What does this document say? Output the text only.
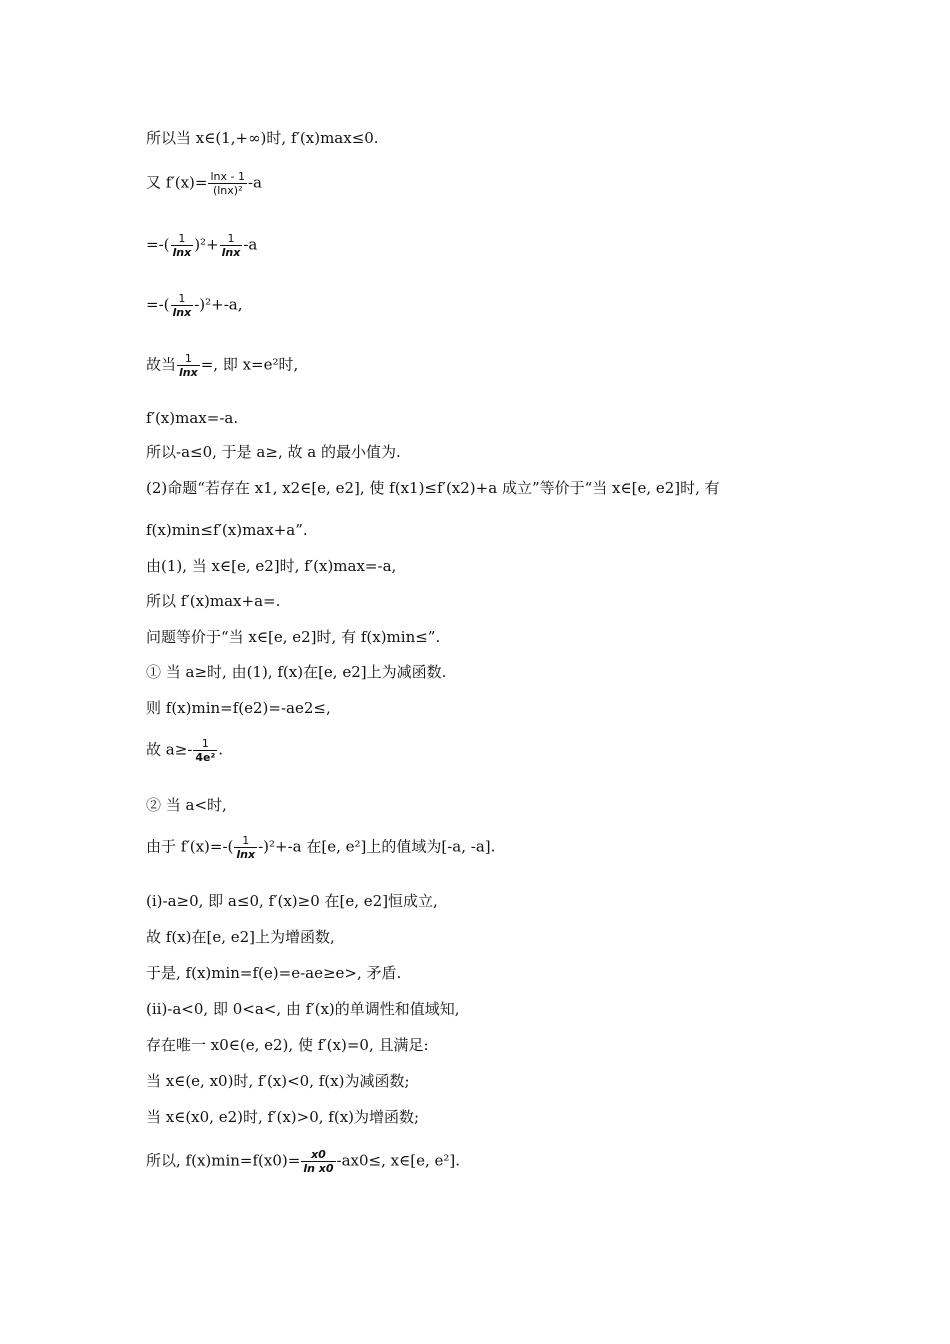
所以当 x∈(1,+∞)时, f′(x)max≤0.
又 $f'(x)= \frac{\ln x - 1}{\text{(lnx)²}} -a$
=-( $\frac{1}{\ln x} )^2+ \frac{1}{\ln x} -a$
=-( $\frac{1}{\ln x} -)^2+-a$,
故当 $\frac{1}{\ln x}$ =, 即 x=e²时,
f′(x)max=-a.
所以-a≤0, 于是 a≥, 故 a 的最小值为.
(2)命题“若存在 x1, x2∈[e, e2], 使 f(x1)≤f′(x2)+a 成立”等价于“当 x∈[e, e2]时, 有
f(x)min≤f′(x)max+a”.
由(1), 当 x∈[e, e2]时, f′(x)max=-a,
所以 f′(x)max+a=.
问题等价于“当 x∈[e, e2]时, 有 f(x)min≤”.
① 当 a≥时, 由(1), f(x)在[e, e2]上为减函数.
则 f(x)min=f(e2)=-ae2≤,
故 $a\ge- \frac{1}{\text{4e²}}$ .
② 当 a<时,
由于 $f'(x)=-( \frac{1}{\ln x} -)^2+-a$ 在[e, e²]上的值域为[-a, -a].
(i)-a≥0, 即 a≤0, f′(x)≥0 在[e, e2]恒成立,
故 f(x)在[e, e2]上为增函数,
于是, f(x)min=f(e)=e-ae≥e>, 矛盾.
(ii)-a<0, 即 0<a<, 由 f′(x)的单调性和值域知,
存在唯一 x0∈(e, e2), 使 f′(x)=0, 且满足:
当 x∈(e, x0)时, f′(x)<0, f(x)为减函数;
当 x∈(x0, e2)时, f′(x)>0, f(x)为增函数;
所以, $f(x)\min=f(x0)= \frac{x0}{\text{ln x0}} -ax0\le$, x∈[e, e²].
